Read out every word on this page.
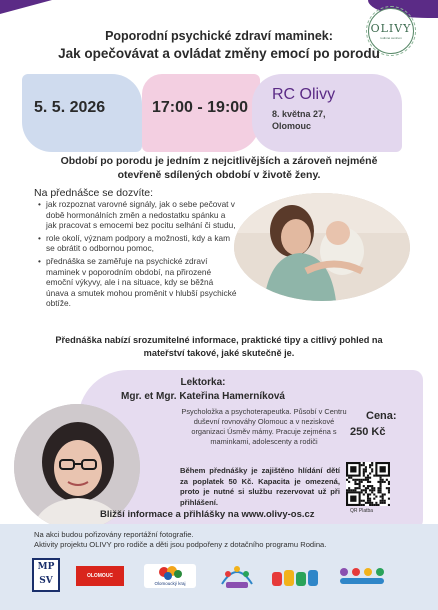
OLIVY
rodinné centrum
Poporodní psychické zdraví maminek:
Jak opečovávat a ovládat změny emocí po porodu
5. 5. 2026	17:00 - 19:00
RC Olivy
8. května 27,
Olomouc
Období po porodu je jedním z nejcitlivějších a zároveň nejméně otevřeně sdílených období v životě ženy.
Na přednášce se dozvíte:
• jak rozpoznat varovné signály, jak o sebe pečovat v době hormonálních změn a nedostatku spánku a jak pracovat s emocemi bez pocitu selhání či studu,
• role okolí, význam podpory a možnosti, kdy a kam se obrátit o odbornou pomoc,
• přednáška se zaměřuje na psychické zdraví maminek v poporodním období, na přirozené emoční výkyvy, ale i na situace, kdy se běžná únava a smutek mohou proměnit v hlubší psychické obtíže.
Přednáška nabízí srozumitelné informace, praktické tipy a citlivý pohled na mateřství takové, jaké skutečně je.
Lektorka:
Mgr. et Mgr. Kateřina Hamerníková
Psycholožka a psychoterapeutka. Působí v Centru duševní rovnováhy Olomouc a v neziskové organizaci Úsměv mámy. Pracuje zejména s maminkami, adolescenty a rodiči
Cena:
250 Kč
Během přednášky je zajištěno hlídání dětí za poplatek 50 Kč. Kapacita je omezená, proto je nutné si službu rezervovat už při přihlášení.
QR Platba
Bližší informace a přihlášky na www.olivy-os.cz
Na akci budou pořizovány reportážní fotografie.
Aktivity projektu OLIVY pro rodiče a děti jsou podpořeny z dotačního programu Rodina.
MP SV	OLOMOUC
Olomoucký kraj
